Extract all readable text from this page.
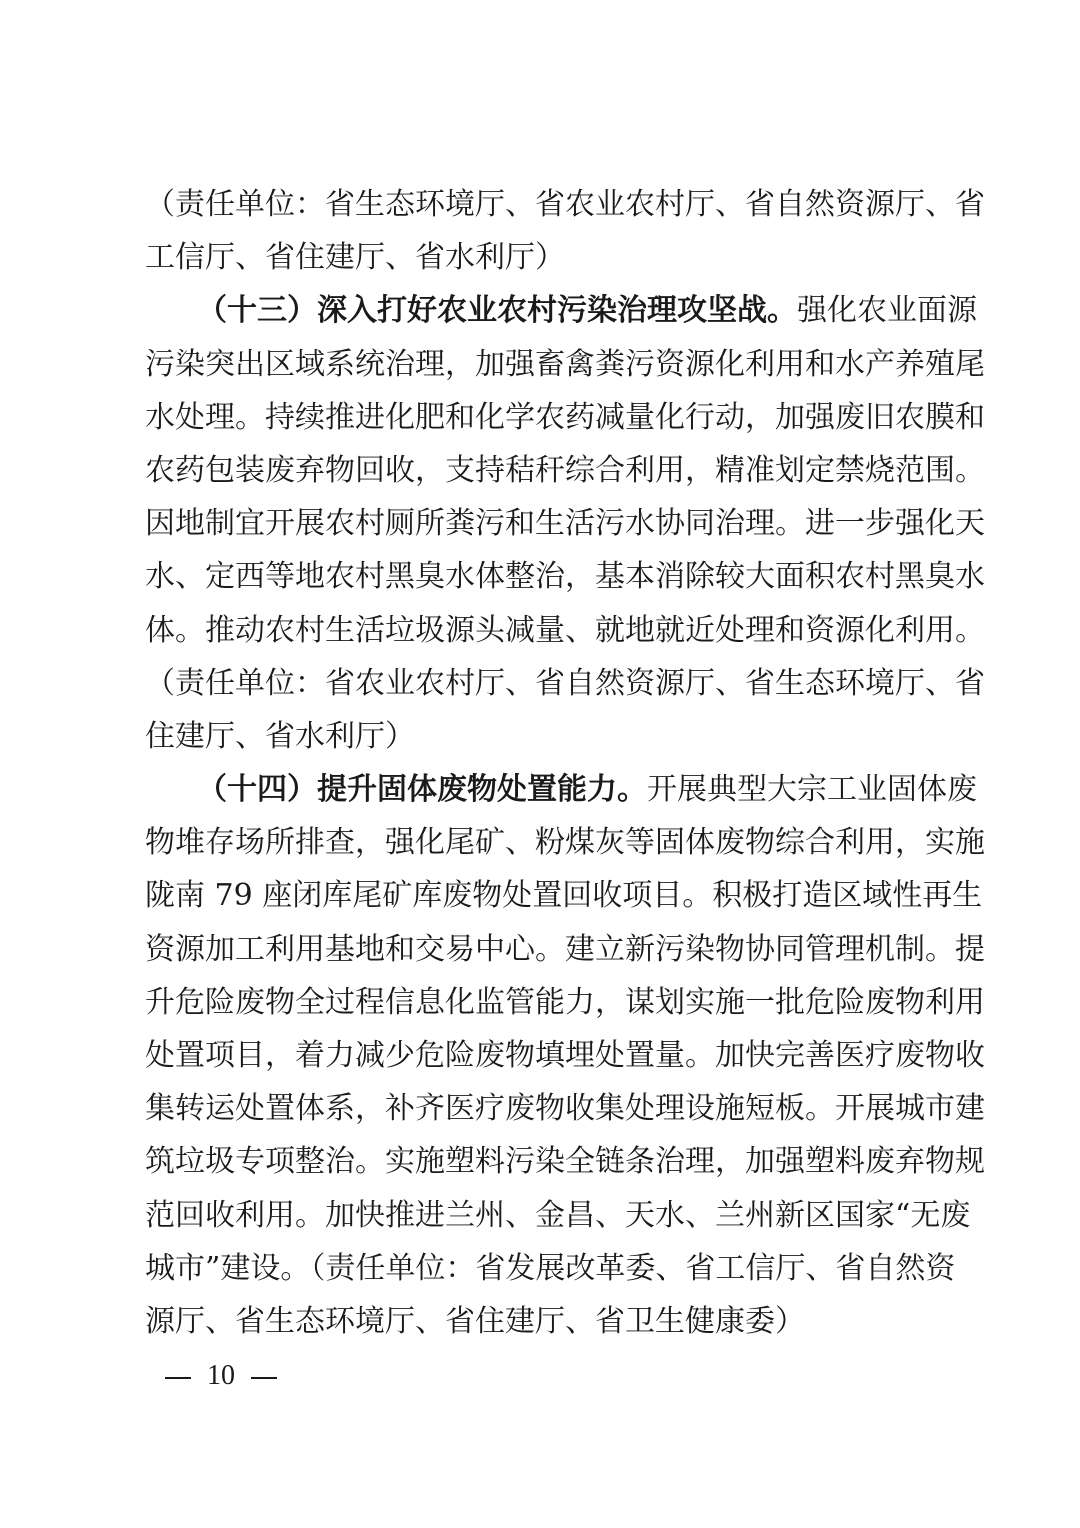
（责任单位：省生态环境厅、省农业农村厅、省自然资源厅、省
工信厅、省住建厅、省水利厅）
（十三）深入打好农业农村污染治理攻坚战。强化农业面源
污染突出区域系统治理，加强畜禽粪污资源化利用和水产养殖尾
水处理。持续推进化肥和化学农药减量化行动，加强废旧农膜和
农药包装废弃物回收，支持秸秆综合利用，精准划定禁烧范围。
因地制宜开展农村厕所粪污和生活污水协同治理。进一步强化天
水、定西等地农村黑臭水体整治，基本消除较大面积农村黑臭水
体。推动农村生活垃圾源头减量、就地就近处理和资源化利用。
（责任单位：省农业农村厅、省自然资源厅、省生态环境厅、省
住建厅、省水利厅）
（十四）提升固体废物处置能力。开展典型大宗工业固体废
物堆存场所排查，强化尾矿、粉煤灰等固体废物综合利用，实施
陇南 79 座闭库尾矿库废物处置回收项目。积极打造区域性再生
资源加工利用基地和交易中心。建立新污染物协同管理机制。提
升危险废物全过程信息化监管能力，谋划实施一批危险废物利用
处置项目，着力减少危险废物填埋处置量。加快完善医疗废物收
集转运处置体系，补齐医疗废物收集处理设施短板。开展城市建
筑垃圾专项整治。实施塑料污染全链条治理，加强塑料废弃物规
范回收利用。加快推进兰州、金昌、天水、兰州新区国家“无废
城市”建设。（责任单位：省发展改革委、省工信厅、省自然资
源厅、省生态环境厅、省住建厅、省卫生健康委）
10
